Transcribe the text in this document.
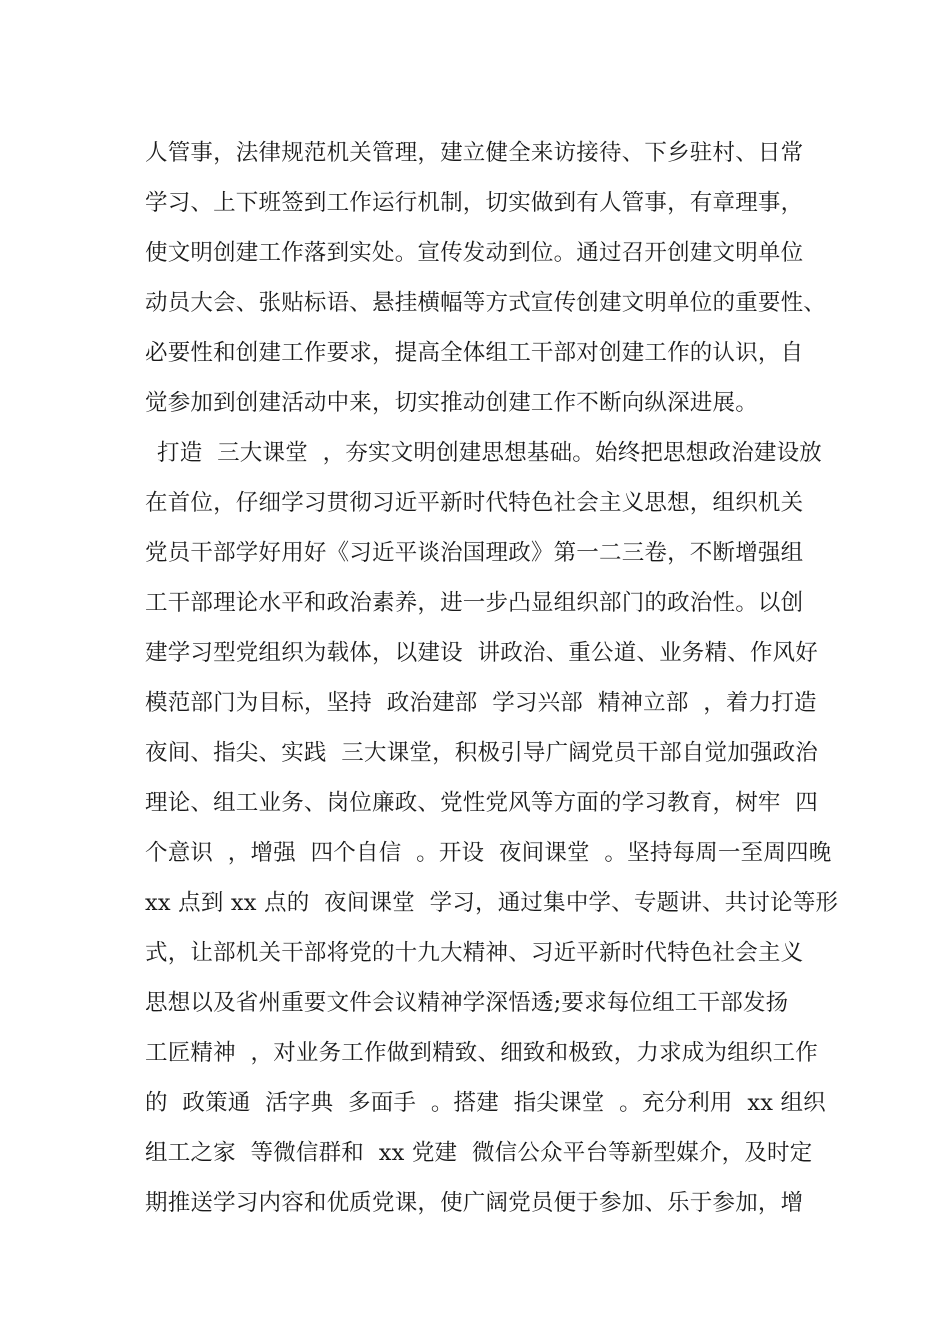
人管事，法律规范机关管理，建立健全来访接待、下乡驻村、日常
学习、上下班签到工作运行机制，切实做到有人管事，有章理事，
使文明创建工作落到实处。宣传发动到位。通过召开创建文明单位
动员大会、张贴标语、悬挂横幅等方式宣传创建文明单位的重要性、
必要性和创建工作要求，提高全体组工干部对创建工作的认识，自
觉参加到创建活动中来，切实推动创建工作不断向纵深进展。
打造  三大课堂  ，夯实文明创建思想基础。始终把思想政治建设放
在首位，仔细学习贯彻习近平新时代特色社会主义思想，组织机关
党员干部学好用好《习近平谈治国理政》第一二三卷，不断增强组
工干部理论水平和政治素养，进一步凸显组织部门的政治性。以创
建学习型党组织为载体，以建设  讲政治、重公道、业务精、作风好
模范部门为目标，坚持  政治建部  学习兴部  精神立部  ，着力打造
夜间、指尖、实践  三大课堂，积极引导广阔党员干部自觉加强政治
理论、组工业务、岗位廉政、党性党风等方面的学习教育，树牢  四
个意识  ，增强  四个自信  。开设  夜间课堂  。坚持每周一至周四晚
xx 点到 xx 点的  夜间课堂  学习，通过集中学、专题讲、共讨论等形
式，让部机关干部将党的十九大精神、习近平新时代特色社会主义
思想以及省州重要文件会议精神学深悟透;要求每位组工干部发扬
工匠精神  ，对业务工作做到精致、细致和极致，力求成为组织工作
的  政策通  活字典  多面手  。搭建  指尖课堂  。充分利用  xx 组织
组工之家  等微信群和  xx 党建  微信公众平台等新型媒介，及时定
期推送学习内容和优质党课，使广阔党员便于参加、乐于参加，增
